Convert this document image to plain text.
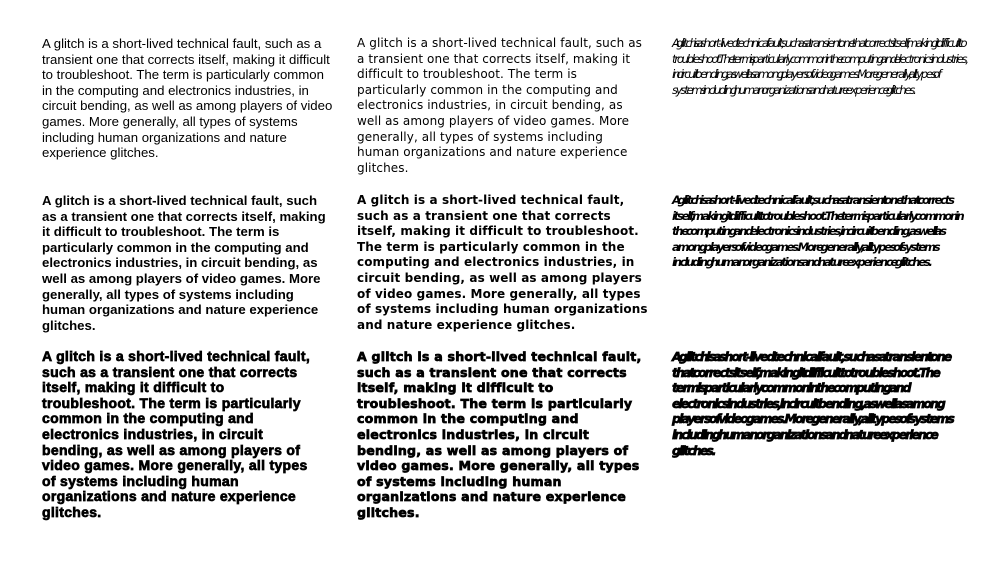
A glitch is a short-lived technical fault, such as a transient one that corrects itself, making it difficult to troubleshoot. The term is particularly common in the computing and electronics industries, in circuit bending, as well as among players of video games. More generally, all types of systems including human organizations and nature experience glitches.

A glitch is a short-lived technical fault, such as a transient one that corrects itself, making it difficult to troubleshoot. The term is particularly common in the computing and electronics industries, in circuit bending, as well as among players of video games. More generally, all types of systems including human organizations and nature experience glitches.

A glitch is a short-lived technical fault, such as a transient one that corrects itself, making it difficult to troubleshoot. The term is particularly common in the computing and electronics industries, in circuit bending, as well as among players of video games. More generally, all types of systems including human organizations and nature experience glitches.

A glitch is a short-lived technical fault, such as a transient one that corrects itself, making it difficult to troubleshoot. The term is particularly common in the computing and electronics industries, in circuit bending, as well as among players of video games. More generally, all types of systems including human organizations and nature experience glitches.

A glitch is a short-lived technical fault, such as a transient one that corrects itself, making it difficult to troubleshoot. The term is particularly common in the computing and electronics industries, in circuit bending, as well as among players of video games. More generally, all types of systems including human organizations and nature experience glitches.

A glitch is a short-lived technical fault, such as a transient one that corrects itself, making it difficult to troubleshoot. The term is particularly common in the computing and electronics industries, in circuit bending, as well as among players of video games. More generally, all types of systems including human organizations and nature experience glitches.

A glitch is a short-lived technical fault, such as a transient one that corrects itself, making it difficult to troubleshoot. The term is particularly common in the computing and electronics industries, in circuit bending, as well as among players of video games. More generally, all types of systems including human organizations and nature experience glitches.

A glitch is a short-lived technical fault, such as a transient one that corrects itself, making it difficult to troubleshoot. The term is particularly common in the computing and electronics industries, in circuit bending, as well as among players of video games. More generally, all types of systems including human organizations and nature experience glitches.

A glitch is a short-lived technical fault, such as a transient one that corrects itself, making it difficult to troubleshoot. The term is particularly common in the computing and electronics industries, in circuit bending, as well as among players of video games. More generally, all types of systems including human organizations and nature experience glitches.
